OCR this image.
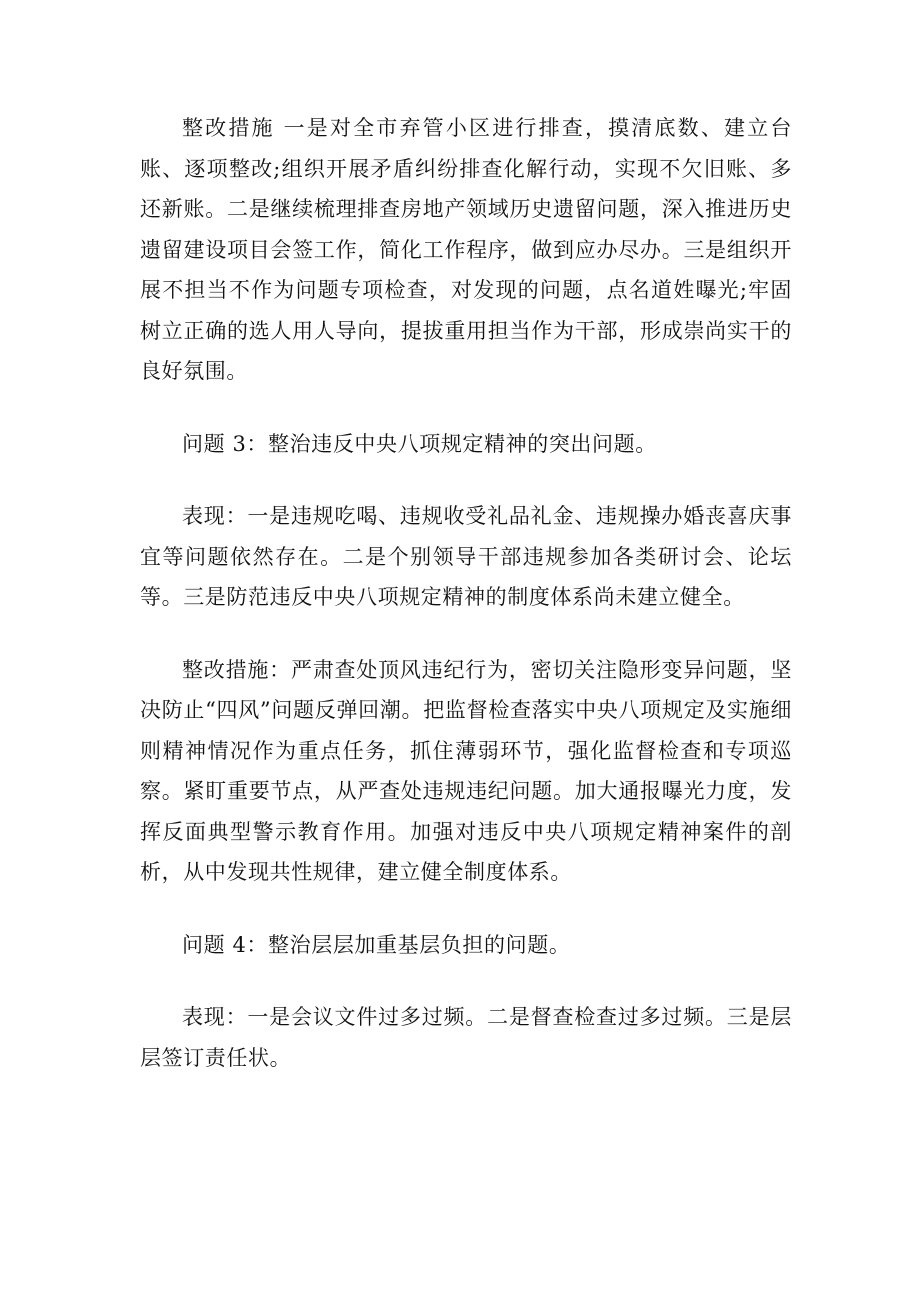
整改措施 一是对全市弃管小区进行排查，摸清底数、建立台账、逐项整改;组织开展矛盾纠纷排查化解行动，实现不欠旧账、多还新账。二是继续梳理排查房地产领域历史遗留问题，深入推进历史遗留建设项目会签工作，简化工作程序，做到应办尽办。三是组织开展不担当不作为问题专项检查，对发现的问题，点名道姓曝光;牢固树立正确的选人用人导向，提拔重用担当作为干部，形成崇尚实干的良好氛围。

问题 3：整治违反中央八项规定精神的突出问题。

表现：一是违规吃喝、违规收受礼品礼金、违规操办婚丧喜庆事宜等问题依然存在。二是个别领导干部违规参加各类研讨会、论坛等。三是防范违反中央八项规定精神的制度体系尚未建立健全。

整改措施：严肃查处顶风违纪行为，密切关注隐形变异问题，坚决防止“四风”问题反弹回潮。把监督检查落实中央八项规定及实施细则精神情况作为重点任务，抓住薄弱环节，强化监督检查和专项巡察。紧盯重要节点，从严查处违规违纪问题。加大通报曝光力度，发挥反面典型警示教育作用。加强对违反中央八项规定精神案件的剖析，从中发现共性规律，建立健全制度体系。

问题 4：整治层层加重基层负担的问题。

表现：一是会议文件过多过频。二是督查检查过多过频。三是层层签订责任状。
